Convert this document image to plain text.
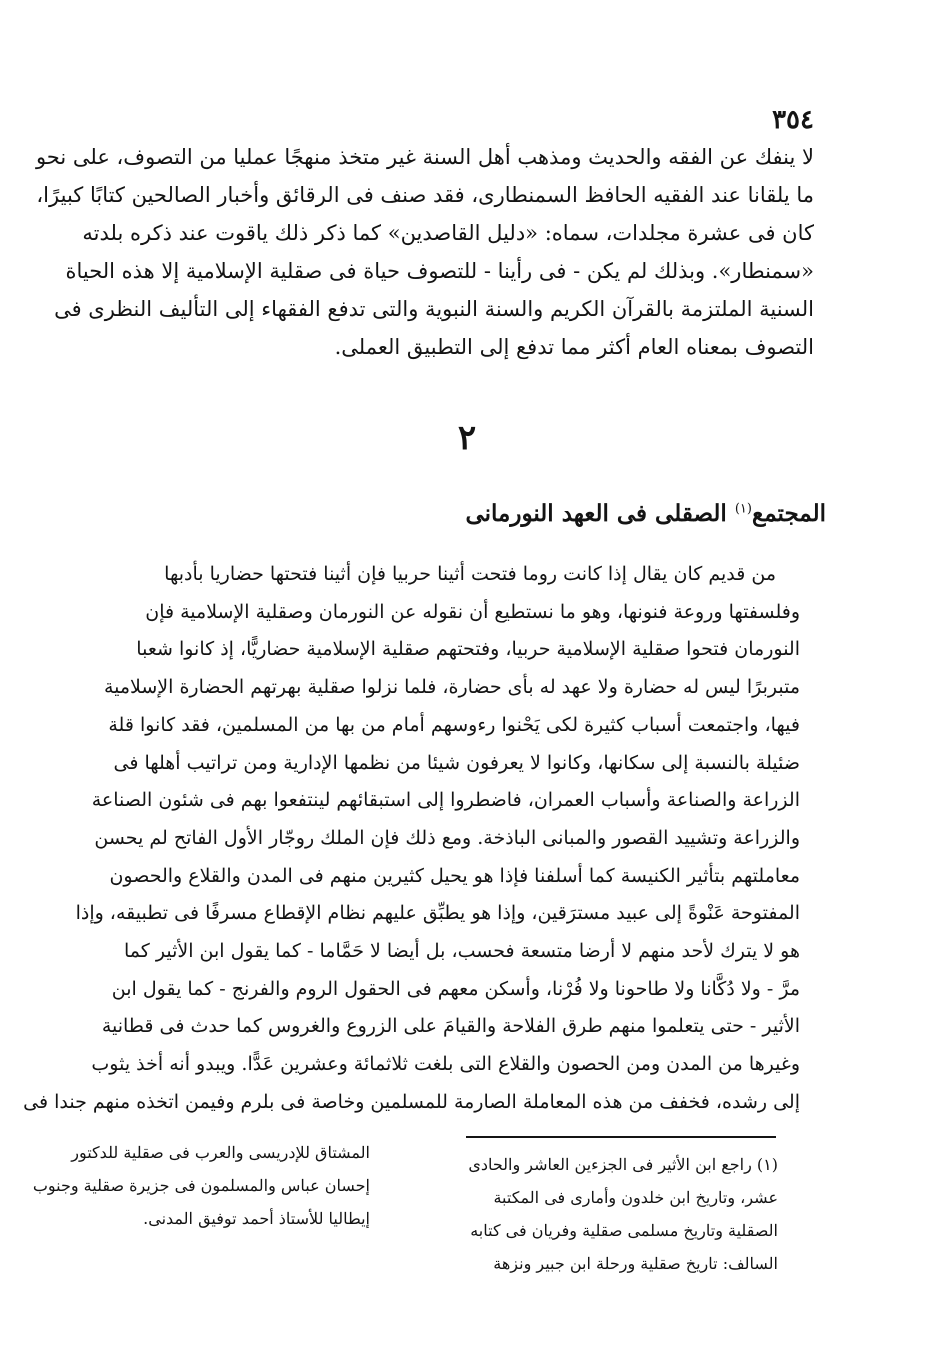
٣٥٤
لا ينفك عن الفقه والحديث ومذهب أهل السنة غير متخذ منهجًا عمليا من التصوف، على نحو
ما يلقانا عند الفقيه الحافظ السمنطارى، فقد صنف فى الرقائق وأخبار الصالحين كتابًا كبيرًا،
كان فى عشرة مجلدات، سماه: «دليل القاصدين» كما ذكر ذلك ياقوت عند ذكره بلدته
«سمنطار». وبذلك لم يكن - فى رأينا - للتصوف حياة فى صقلية الإسلامية إلا هذه الحياة
السنية الملتزمة بالقرآن الكريم والسنة النبوية والتى تدفع الفقهاء إلى التأليف النظرى فى
التصوف بمعناه العام أكثر مما تدفع إلى التطبيق العملى.
٢
المجتمع$^{(١)}$ الصقلى فى العهد النورمانى
من قديم كان يقال إذا كانت روما فتحت أثينا حربيا فإن أثينا فتحتها حضاريا بأدبها
وفلسفتها وروعة فنونها، وهو ما نستطيع أن نقوله عن النورمان وصقلية الإسلامية فإن
النورمان فتحوا صقلية الإسلامية حربيا، وفتحتهم صقلية الإسلامية حضاريًّا، إذ كانوا شعبا
متبربرًا ليس له حضارة ولا عهد له بأى حضارة، فلما نزلوا صقلية بهرتهم الحضارة الإسلامية
فيها، واجتمعت أسباب كثيرة لكى يَحْنوا رءوسهم أمام من بها من المسلمين، فقد كانوا قلة
ضئيلة بالنسبة إلى سكانها، وكانوا لا يعرفون شيئا من نظمها الإدارية ومن تراتيب أهلها فى
الزراعة والصناعة وأسباب العمران، فاضطروا إلى استبقائهم لينتفعوا بهم فى شئون الصناعة
والزراعة وتشييد القصور والمبانى الباذخة. ومع ذلك فإن الملك روجّار الأول الفاتح لم يحسن
معاملتهم بتأثير الكنيسة كما أسلفنا فإذا هو يحيل كثيرين منهم فى المدن والقلاع والحصون
المفتوحة عَنْوةً إلى عبيد مسترَقين، وإذا هو يطبِّق عليهم نظام الإقطاع مسرفًا فى تطبيقه، وإذا
هو لا يترك لأحد منهم لا أرضا متسعة فحسب، بل أيضا لا حَمَّاما - كما يقول ابن الأثير كما
مرَّ - ولا دُكَّانا ولا طاحونا ولا فُرْنا، وأسكن معهم فى الحقول الروم والفرنج - كما يقول ابن
الأثير - حتى يتعلموا منهم طرق الفلاحة والقيامَ على الزروع والغروس كما حدث فى قطانية
وغيرها من المدن ومن الحصون والقلاع التى بلغت ثلاثمائة وعشرين عَدًّا. ويبدو أنه أخذ يثوب
إلى رشده، فخفف من هذه المعاملة الصارمة للمسلمين وخاصة فى بلرم وفيمن اتخذه منهم جندا فى
(١) راجع ابن الأثير فى الجزءين العاشر والحادى
عشر، وتاريخ ابن خلدون وأمارى فى المكتبة
الصقلية وتاريخ مسلمى صقلية وفريان فى كتابه
السالف: تاريخ صقلية ورحلة ابن جبير ونزهة
المشتاق للإدريسى والعرب فى صقلية للدكتور
إحسان عباس والمسلمون فى جزيرة صقلية وجنوب
إيطاليا للأستاذ أحمد توفيق المدنى.
